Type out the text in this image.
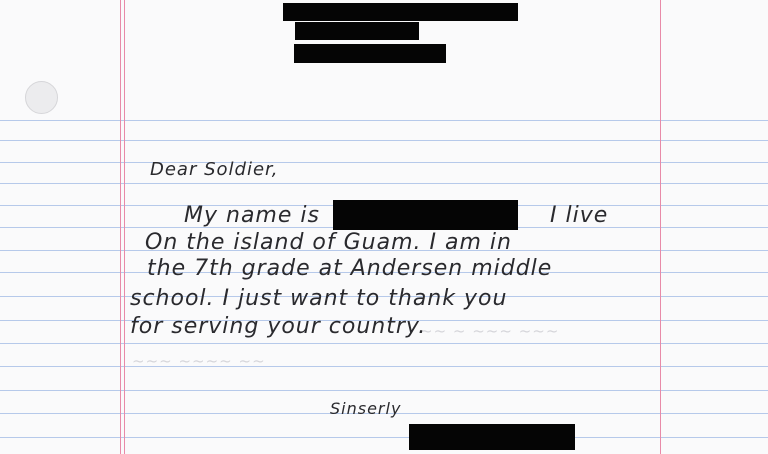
~~ ~ ~~~ ~~~
~~~ ~~~~ ~~
Dear Soldier,
My name is	I live
On the island of Guam. I am in
the 7th grade at Andersen middle
school. I just want to thank you
for serving your country.
Sinserly
